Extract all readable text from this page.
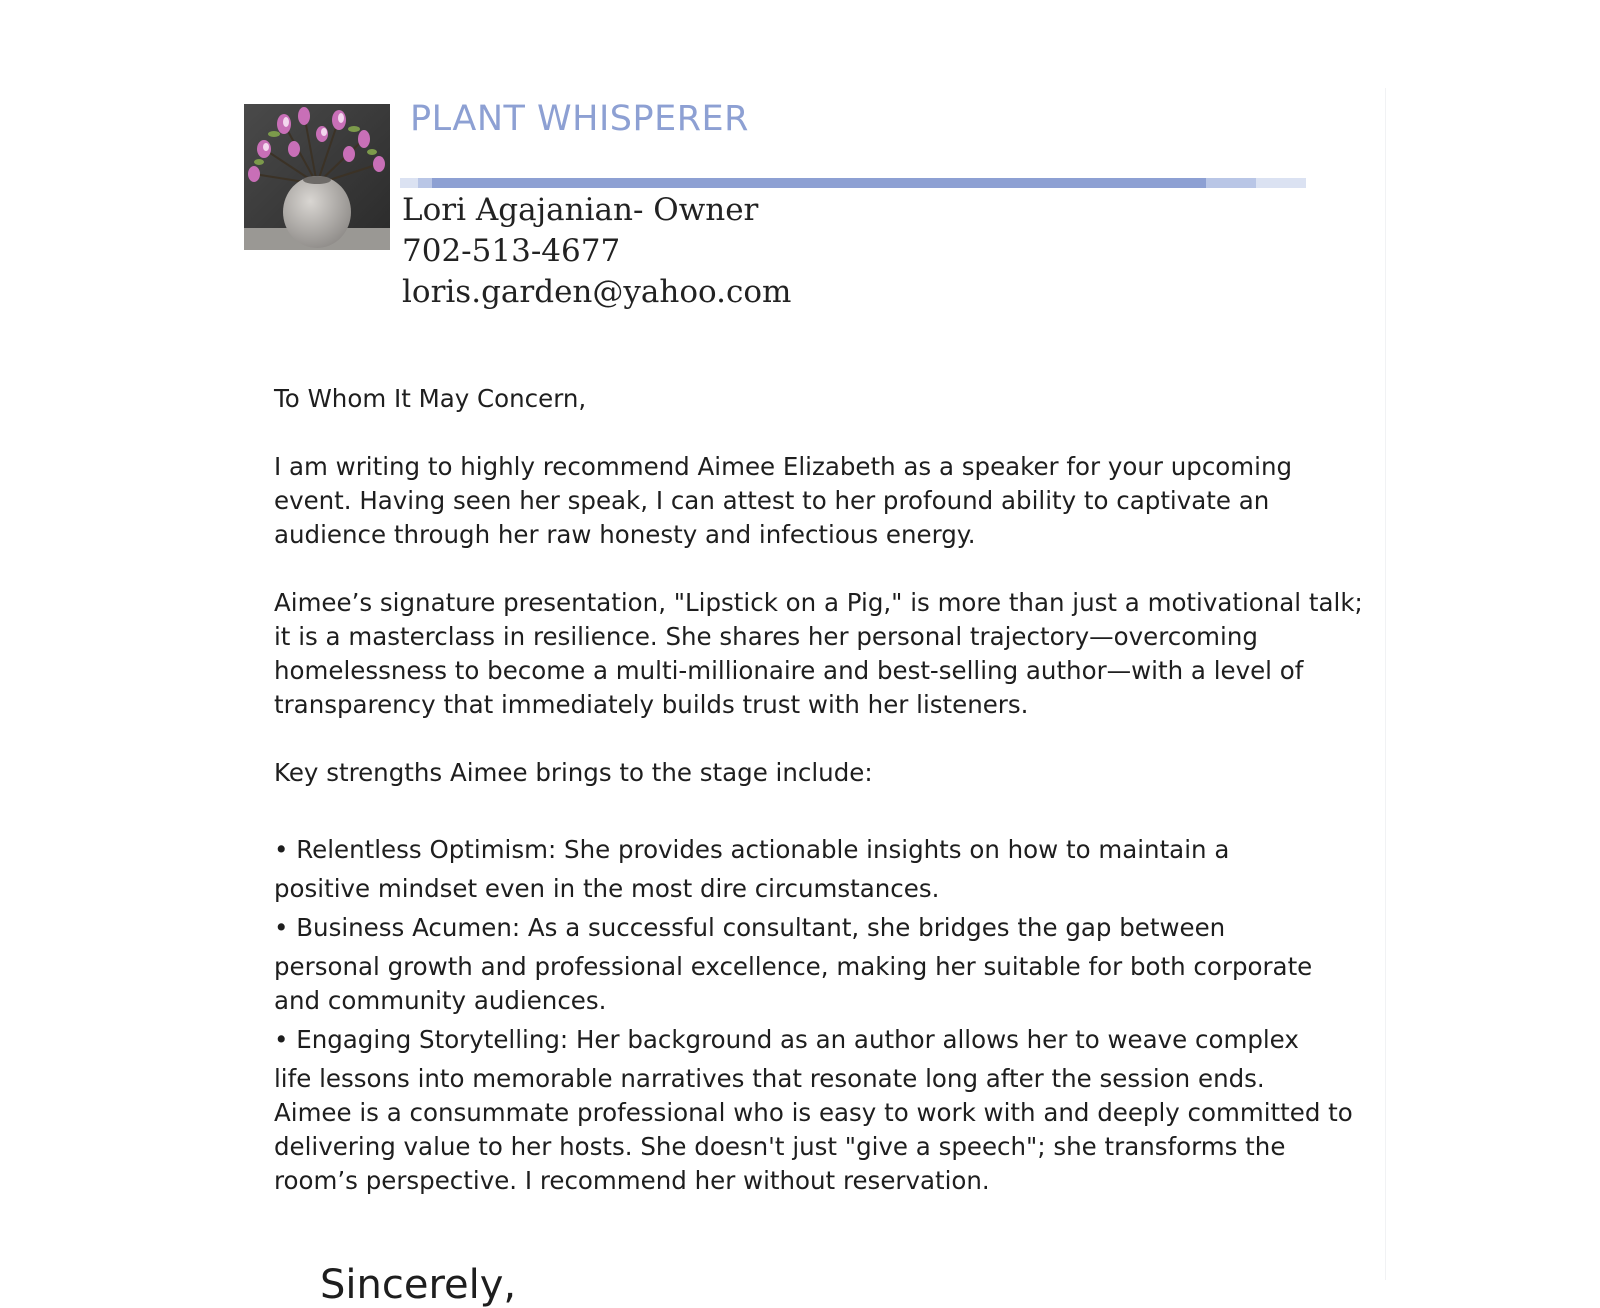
PLANT WHISPERER
Lori Agajanian- Owner
702-513-4677
loris.garden@yahoo.com

To Whom It May Concern,

I am writing to highly recommend Aimee Elizabeth as a speaker for your upcoming event. Having seen her speak, I can attest to her profound ability to captivate an audience through her raw honesty and infectious energy.

Aimee’s signature presentation, "Lipstick on a Pig," is more than just a motivational talk; it is a masterclass in resilience. She shares her personal trajectory—overcoming homelessness to become a multi-millionaire and best-selling author—with a level of transparency that immediately builds trust with her listeners.

Key strengths Aimee brings to the stage include:

• Relentless Optimism: She provides actionable insights on how to maintain a

positive mindset even in the most dire circumstances.

• Business Acumen: As a successful consultant, she bridges the gap between

personal growth and professional excellence, making her suitable for both corporate and community audiences.

• Engaging Storytelling: Her background as an author allows her to weave complex

life lessons into memorable narratives that resonate long after the session ends.

Aimee is a consummate professional who is easy to work with and deeply committed to delivering value to her hosts. She doesn't just "give a speech"; she transforms the room’s perspective. I recommend her without reservation.

Sincerely,
